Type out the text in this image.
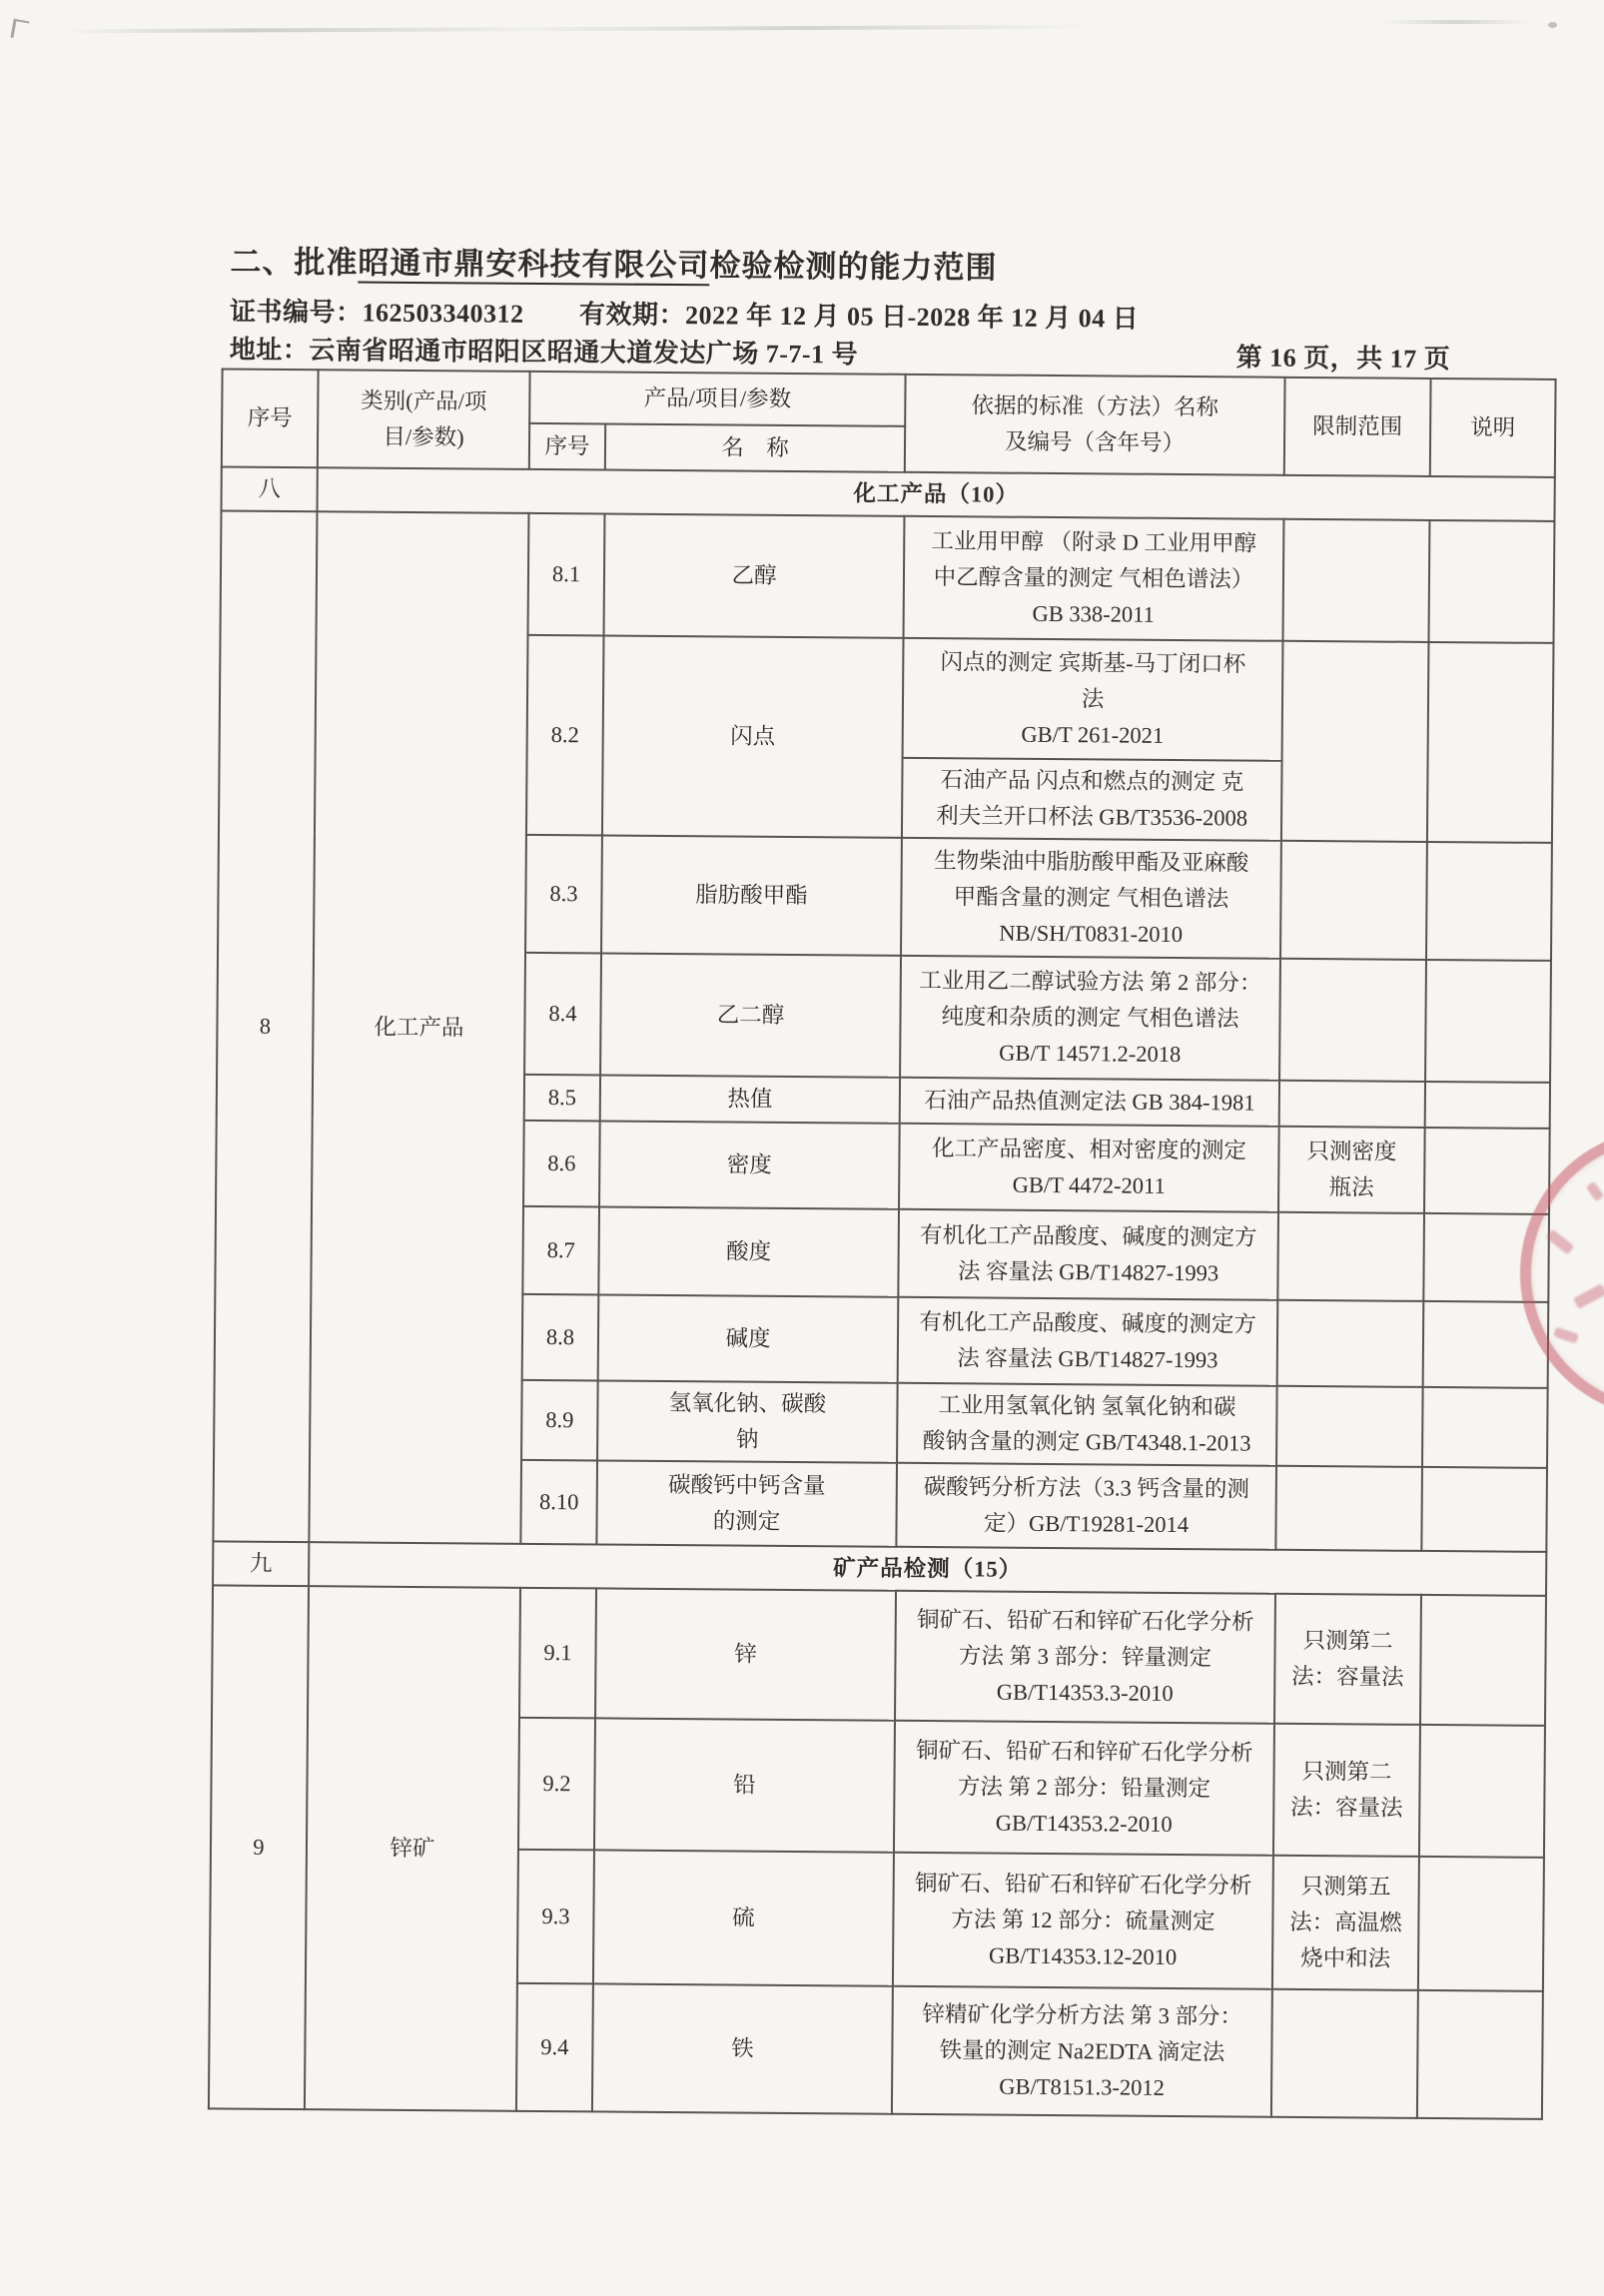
二、批准昭通市鼎安科技有限公司检验检测的能力范围
证书编号：162503340312 有效期：2022 年 12 月 05 日-2028 年 12 月 04 日
地址：云南省昭通市昭阳区昭通大道发达广场 7-7-1 号	第 16 页，共 17 页
序号	类别(产品/项
目/参数)	产品/项目/参数		依据的标准（方法）名称
及编号（含年号）	限制范围	说明
		序号	名　称			
八	化工产品（10）					
8	化工产品	8.1	乙醇	工业用甲醇 （附录 D 工业用甲醇
中乙醇含量的测定 气相色谱法）
GB 338-2011		
		8.2	闪点	闪点的测定 宾斯基-马丁闭口杯
法
GB/T 261-2021		
				石油产品 闪点和燃点的测定 克
利夫兰开口杯法 GB/T3536-2008		
		8.3	脂肪酸甲酯	生物柴油中脂肪酸甲酯及亚麻酸
甲酯含量的测定 气相色谱法
NB/SH/T0831-2010		
		8.4	乙二醇	工业用乙二醇试验方法 第 2 部分：
纯度和杂质的测定 气相色谱法
GB/T 14571.2-2018		
		8.5	热值	石油产品热值测定法 GB 384-1981		
		8.6	密度	化工产品密度、相对密度的测定
GB/T 4472-2011	只测密度
瓶法	
		8.7	酸度	有机化工产品酸度、碱度的测定方
法 容量法 GB/T14827-1993		
		8.8	碱度	有机化工产品酸度、碱度的测定方
法 容量法 GB/T14827-1993		
		8.9	氢氧化钠、碳酸
钠	工业用氢氧化钠 氢氧化钠和碳
酸钠含量的测定 GB/T4348.1-2013		
		8.10	碳酸钙中钙含量
的测定	碳酸钙分析方法（3.3 钙含量的测
定）GB/T19281-2014		
九	矿产品检测（15）					
9	锌矿	9.1	锌	铜矿石、铅矿石和锌矿石化学分析
方法 第 3 部分：锌量测定
GB/T14353.3-2010	只测第二
法：容量法	
		9.2	铅	铜矿石、铅矿石和锌矿石化学分析
方法 第 2 部分：铅量测定
GB/T14353.2-2010	只测第二
法：容量法	
		9.3	硫	铜矿石、铅矿石和锌矿石化学分析
方法 第 12 部分：硫量测定
GB/T14353.12-2010	只测第五
法：高温燃
烧中和法	
		9.4	铁	锌精矿化学分析方法 第 3 部分：
铁量的测定 Na2EDTA 滴定法
GB/T8151.3-2012		
